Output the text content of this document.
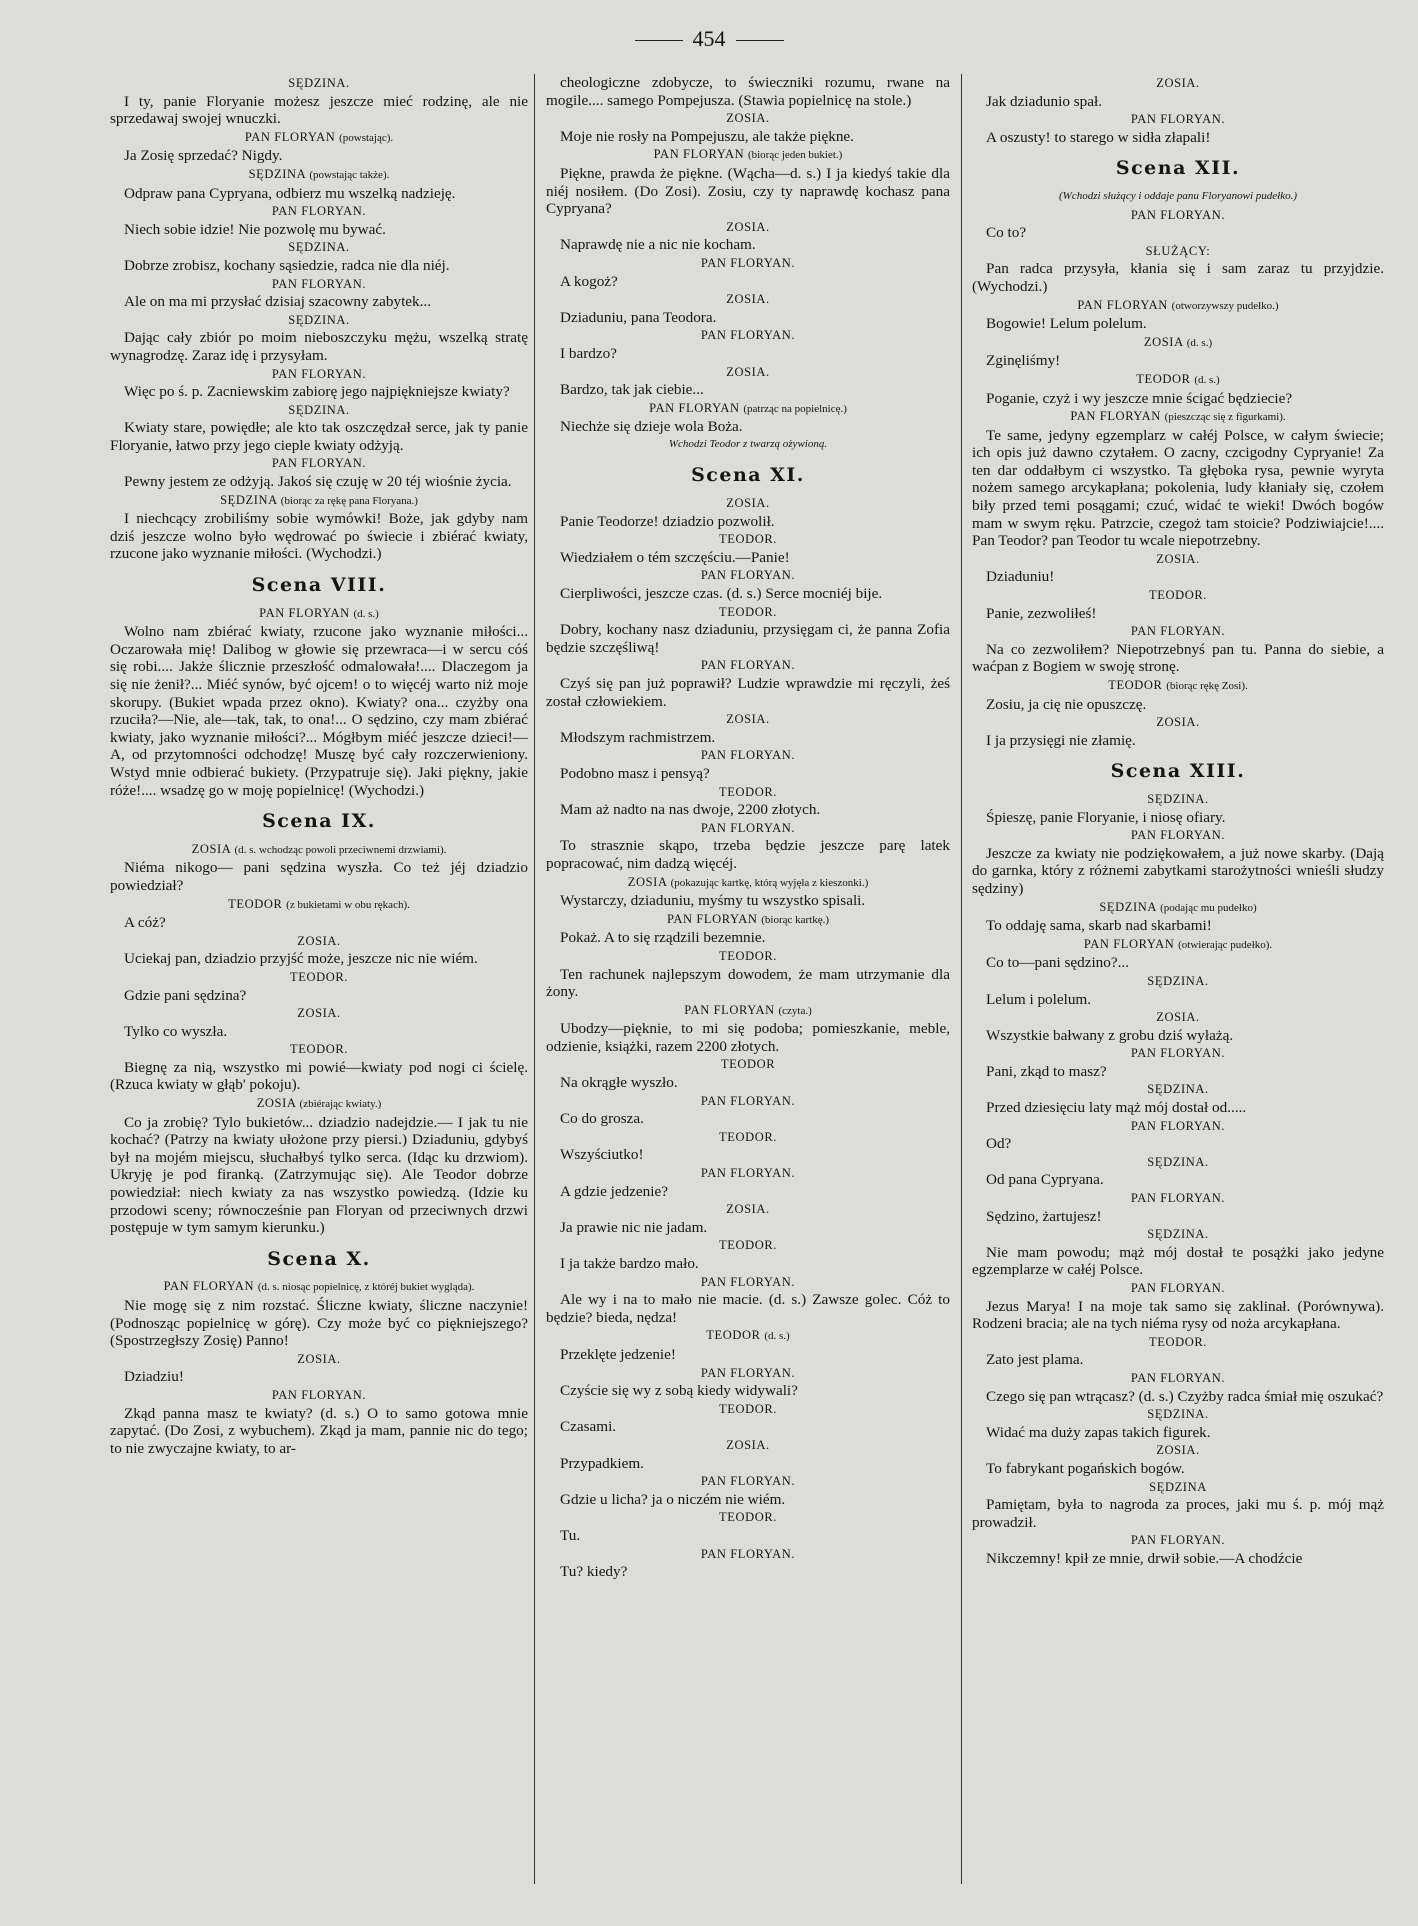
454

SĘDZINA.

I ty, panie Floryanie możesz jeszcze mieć rodzinę, ale nie sprzedawaj swojej wnuczki.

PAN FLORYAN (powstając).

Ja Zosię sprzedać? Nigdy.

SĘDZINA (powstając także).

Odpraw pana Cypryana, odbierz mu wszelką nadzieję.

PAN FLORYAN.

Niech sobie idzie! Nie pozwolę mu bywać.

SĘDZINA.

Dobrze zrobisz, kochany sąsiedzie, radca nie dla niéj.

PAN FLORYAN.

Ale on ma mi przysłać dzisiaj szacowny zabytek...

SĘDZINA.

Dając cały zbiór po moim nieboszczyku mężu, wszelką stratę wynagrodzę. Zaraz idę i przysyłam.

PAN FLORYAN.

Więc po ś. p. Zacniewskim zabiorę jego najpiękniejsze kwiaty?

SĘDZINA.

Kwiaty stare, powiędłe; ale kto tak oszczędzał serce, jak ty panie Floryanie, łatwo przy jego cieple kwiaty odżyją.

PAN FLORYAN.

Pewny jestem ze odżyją. Jakoś się czuję w 20 téj wiośnie życia.

SĘDZINA (biorąc za rękę pana Floryana.)

I niechcący zrobiliśmy sobie wymówki! Boże, jak gdyby nam dziś jeszcze wolno było wędrować po świecie i zbiérać kwiaty, rzucone jako wyznanie miłości. (Wychodzi.)

Scena VIII.

PAN FLORYAN (d. s.)

Wolno nam zbiérać kwiaty, rzucone jako wyznanie miłości... Oczarowała mię! Dalibog w głowie się przewraca—i w sercu cóś się robi.... Jakże ślicznie przeszłość odmalowała!.... Dlaczegom ja się nie żenił?... Miéć synów, być ojcem! o to więcéj warto niż moje skorupy. (Bukiet wpada przez okno). Kwiaty? ona... czyżby ona rzuciła?—Nie, ale—tak, tak, to ona!... O sędzino, czy mam zbiérać kwiaty, jako wyznanie miłości?... Mógłbym miéć jeszcze dzieci!—A, od przytomności odchodzę! Muszę być cały rozczerwieniony. Wstyd mnie odbierać bukiety. (Przypatruje się). Jaki piękny, jakie róże!.... wsadzę go w moję popielnicę! (Wychodzi.)

Scena IX.

ZOSIA (d. s. wchodząc powoli przeciwnemi drzwiami).

Niéma nikogo— pani sędzina wyszła. Co też jéj dziadzio powiedział?

TEODOR (z bukietami w obu rękach).

A cóż?

ZOSIA.

Uciekaj pan, dziadzio przyjść może, jeszcze nic nie wiém.

TEODOR.

Gdzie pani sędzina?

ZOSIA.

Tylko co wyszła.

TEODOR.

Biegnę za nią, wszystko mi powié—kwiaty pod nogi ci ścielę. (Rzuca kwiaty w głąb' pokoju).

ZOSIA (zbiérając kwiaty.)

Co ja zrobię? Tylo bukietów... dziadzio nadejdzie.— I jak tu nie kochać? (Patrzy na kwiaty ułożone przy piersi.) Dziaduniu, gdybyś był na mojém miejscu, słuchałbyś tylko serca. (Idąc ku drzwiom). Ukryję je pod firanką. (Zatrzymując się). Ale Teodor dobrze powiedział: niech kwiaty za nas wszystko powiedzą. (Idzie ku przodowi sceny; równocześnie pan Floryan od przeciwnych drzwi postępuje w tym samym kierunku.)

Scena X.

PAN FLORYAN (d. s. niosąc popielnicę, z któréj bukiet wygląda).

Nie mogę się z nim rozstać. Śliczne kwiaty, śliczne naczynie! (Podnosząc popielnicę w górę). Czy może być co piękniejszego? (Spostrzegłszy Zosię) Panno!

ZOSIA.

Dziadziu!

PAN FLORYAN.

Zkąd panna masz te kwiaty? (d. s.) O to samo gotowa mnie zapytać. (Do Zosi, z wybuchem). Zkąd ja mam, pannie nic do tego; to nie zwyczajne kwiaty, to ar-

cheologiczne zdobycze, to świeczniki rozumu, rwane na mogile.... samego Pompejusza. (Stawia popielnicę na stole.)

ZOSIA.

Moje nie rosły na Pompejuszu, ale także piękne.

PAN FLORYAN (biorąc jeden bukiet.)

Piękne, prawda że piękne. (Wącha—d. s.) I ja kiedyś takie dla niéj nosiłem. (Do Zosi). Zosiu, czy ty naprawdę kochasz pana Cypryana?

ZOSIA.

Naprawdę nie a nic nie kocham.

PAN FLORYAN.

A kogoż?

ZOSIA.

Dziaduniu, pana Teodora.

PAN FLORYAN.

I bardzo?

ZOSIA.

Bardzo, tak jak ciebie...

PAN FLORYAN (patrząc na popielnicę.)

Niechże się dzieje wola Boża.

Wchodzi Teodor z twarzą ożywioną.

Scena XI.

ZOSIA.

Panie Teodorze! dziadzio pozwolił.

TEODOR.

Wiedziałem o tém szczęściu.—Panie!

PAN FLORYAN.

Cierpliwości, jeszcze czas. (d. s.) Serce mocniéj bije.

TEODOR.

Dobry, kochany nasz dziaduniu, przysięgam ci, że panna Zofia będzie szczęśliwą!

PAN FLORYAN.

Czyś się pan już poprawił? Ludzie wprawdzie mi ręczyli, żeś został człowiekiem.

ZOSIA.

Młodszym rachmistrzem.

PAN FLORYAN.

Podobno masz i pensyą?

TEODOR.

Mam aż nadto na nas dwoje, 2200 złotych.

PAN FLORYAN.

To strasznie skąpo, trzeba będzie jeszcze parę latek popracować, nim dadzą więcéj.

ZOSIA (pokazując kartkę, którą wyjęła z kieszonki.)

Wystarczy, dziaduniu, myśmy tu wszystko spisali.

PAN FLORYAN (biorąc kartkę.)

Pokaż. A to się rządzili bezemnie.

TEODOR.

Ten rachunek najlepszym dowodem, że mam utrzymanie dla żony.

PAN FLORYAN (czyta.)

Ubodzy—pięknie, to mi się podoba; pomieszkanie, meble, odzienie, książki, razem 2200 złotych.

TEODOR

Na okrągłe wyszło.

PAN FLORYAN.

Co do grosza.

TEODOR.

Wszyściutko!

PAN FLORYAN.

A gdzie jedzenie?

ZOSIA.

Ja prawie nic nie jadam.

TEODOR.

I ja także bardzo mało.

PAN FLORYAN.

Ale wy i na to mało nie macie. (d. s.) Zawsze golec. Cóż to będzie? bieda, nędza!

TEODOR (d. s.)

Przeklęte jedzenie!

PAN FLORYAN.

Czyście się wy z sobą kiedy widywali?

TEODOR.

Czasami.

ZOSIA.

Przypadkiem.

PAN FLORYAN.

Gdzie u licha? ja o niczém nie wiém.

TEODOR.

Tu.

PAN FLORYAN.

Tu? kiedy?

ZOSIA.

Jak dziadunio spał.

PAN FLORYAN.

A oszusty! to starego w sidła złapali!

Scena XII.

(Wchodzi służący i oddaje panu Floryanowi pudełko.)

PAN FLORYAN.

Co to?

SŁUŻĄCY:

Pan radca przysyła, kłania się i sam zaraz tu przyjdzie. (Wychodzi.)

PAN FLORYAN (otworzywszy pudełko.)

Bogowie! Lelum polelum.

ZOSIA (d. s.)

Zginęliśmy!

TEODOR (d. s.)

Poganie, czyż i wy jeszcze mnie ścigać będziecie?

PAN FLORYAN (pieszcząc się z figurkami).

Te same, jedyny egzemplarz w całéj Polsce, w całym świecie; ich opis już dawno czytałem. O zacny, czcigodny Cypryanie! Za ten dar oddałbym ci wszystko. Ta głęboka rysa, pewnie wyryta nożem samego arcykapłana; pokolenia, ludy kłaniały się, czołem biły przed temi posągami; czuć, widać te wieki! Dwóch bogów mam w swym ręku. Patrzcie, czegoż tam stoicie? Podziwiajcie!.... Pan Teodor? pan Teodor tu wcale niepotrzebny.

ZOSIA.

Dziaduniu!

TEODOR.

Panie, zezwoliłeś!

PAN FLORYAN.

Na co zezwoliłem? Niepotrzebnyś pan tu. Panna do siebie, a waćpan z Bogiem w swoję stronę.

TEODOR (biorąc rękę Zosi).

Zosiu, ja cię nie opuszczę.

ZOSIA.

I ja przysięgi nie złamię.

Scena XIII.

SĘDZINA.

Śpieszę, panie Floryanie, i niosę ofiary.

PAN FLORYAN.

Jeszcze za kwiaty nie podziękowałem, a już nowe skarby. (Dają do garnka, który z różnemi zabytkami starożytności wnieśli słudzy sędziny)

SĘDZINA (podając mu pudełko)

To oddaję sama, skarb nad skarbami!

PAN FLORYAN (otwierając pudełko).

Co to—pani sędzino?...

SĘDZINA.

Lelum i polelum.

ZOSIA.

Wszystkie bałwany z grobu dziś wyłażą.

PAN FLORYAN.

Pani, zkąd to masz?

SĘDZINA.

Przed dziesięciu laty mąż mój dostał od.....

PAN FLORYAN.

Od?

SĘDZINA.

Od pana Cypryana.

PAN FLORYAN.

Sędzino, żartujesz!

SĘDZINA.

Nie mam powodu; mąż mój dostał te posążki jako jedyne egzemplarze w całéj Polsce.

PAN FLORYAN.

Jezus Marya! I na moje tak samo się zaklinał. (Porównywa). Rodzeni bracia; ale na tych niéma rysy od noża arcykapłana.

TEODOR.

Zato jest plama.

PAN FLORYAN.

Czego się pan wtrącasz? (d. s.) Czyżby radca śmiał mię oszukać?

SĘDZINA.

Widać ma duży zapas takich figurek.

ZOSIA.

To fabrykant pogańskich bogów.

SĘDZINA

Pamiętam, była to nagroda za proces, jaki mu ś. p. mój mąż prowadził.

PAN FLORYAN.

Nikczemny! kpił ze mnie, drwił sobie.—A chodźcie
